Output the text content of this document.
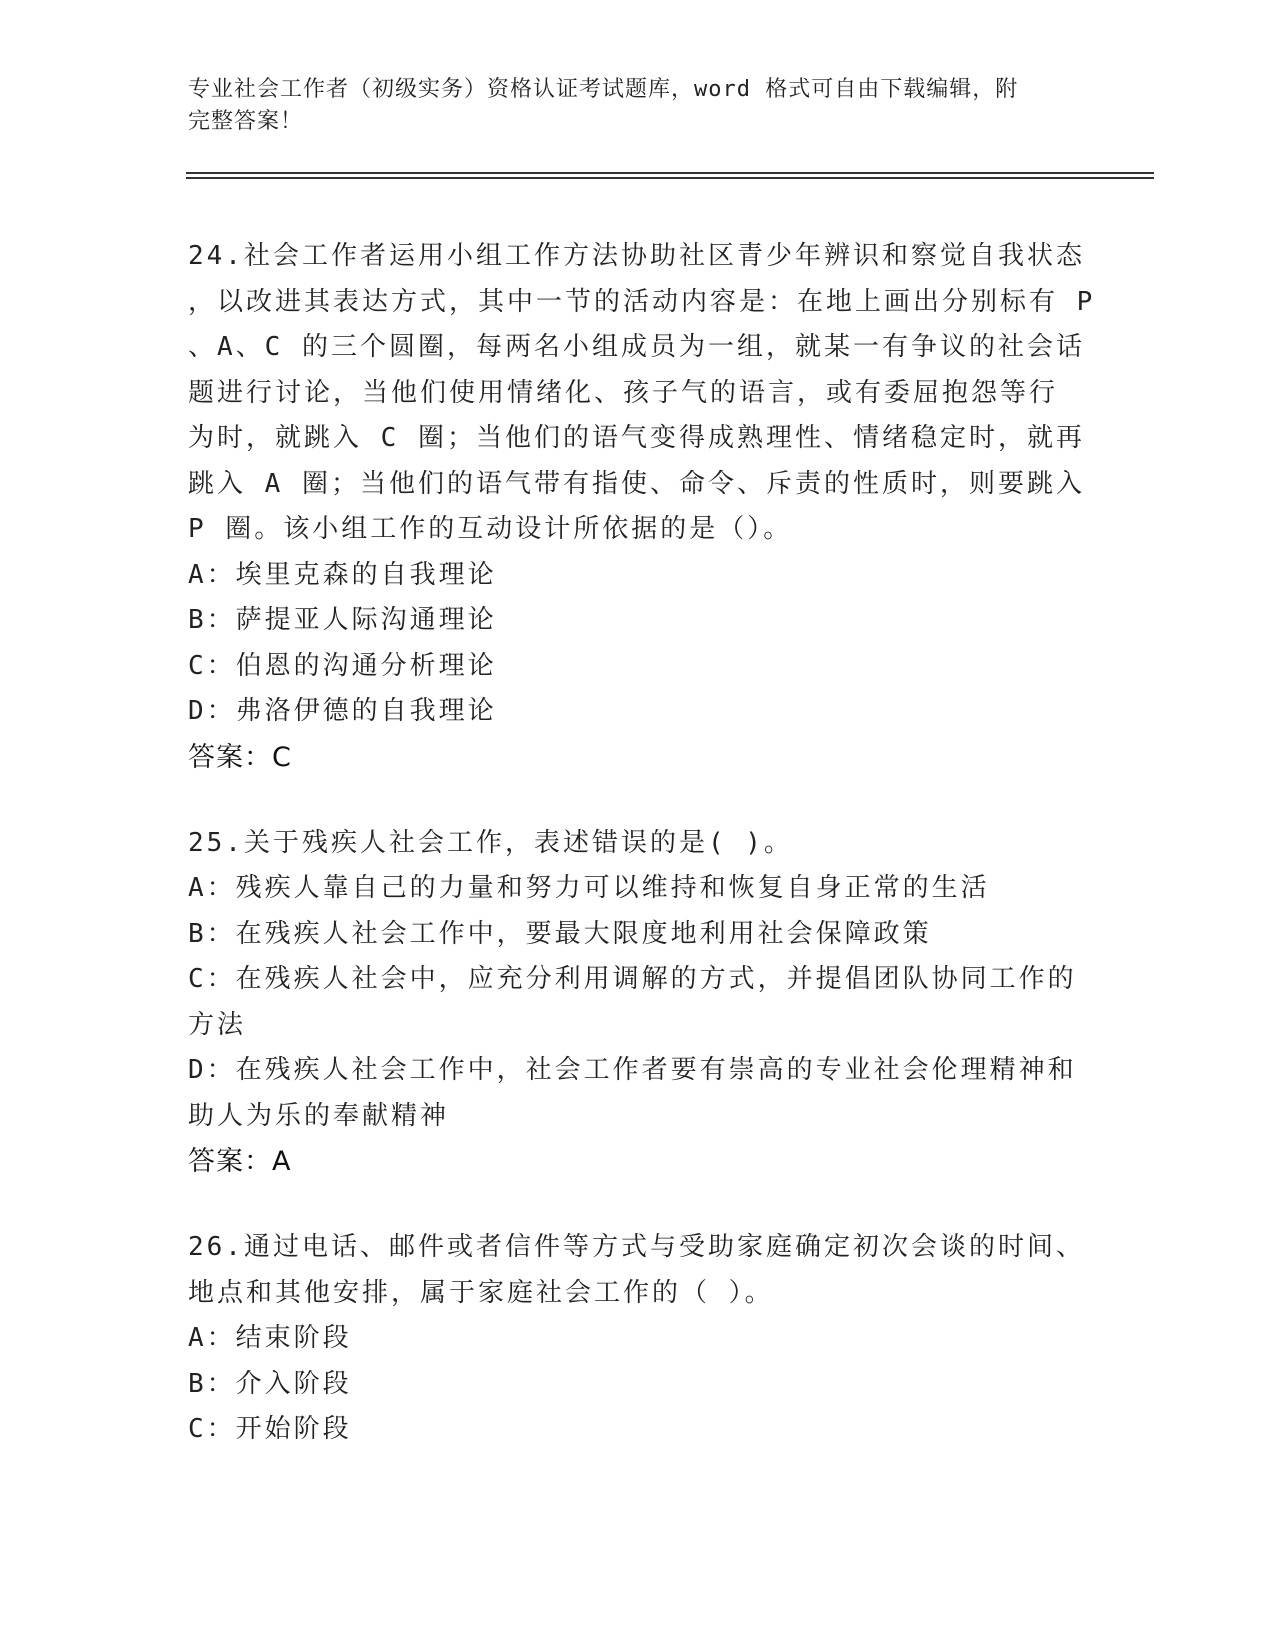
专业社会工作者（初级实务）资格认证考试题库，word 格式可自由下载编辑，附
完整答案！
24.社会工作者运用小组工作方法协助社区青少年辨识和察觉自我状态
，以改进其表达方式，其中一节的活动内容是：在地上画出分别标有 P
、A、C 的三个圆圈，每两名小组成员为一组，就某一有争议的社会话
题进行讨论，当他们使用情绪化、孩子气的语言，或有委屈抱怨等行
为时，就跳入 C 圈；当他们的语气变得成熟理性、情绪稳定时，就再
跳入 A 圈；当他们的语气带有指使、命令、斥责的性质时，则要跳入
P 圈。该小组工作的互动设计所依据的是（）。
A：埃里克森的自我理论
B：萨提亚人际沟通理论
C：伯恩的沟通分析理论
D：弗洛伊德的自我理论
答案：C
25.关于残疾人社会工作，表述错误的是( )。
A：残疾人靠自己的力量和努力可以维持和恢复自身正常的生活
B：在残疾人社会工作中，要最大限度地利用社会保障政策
C：在残疾人社会中，应充分利用调解的方式，并提倡团队协同工作的
方法
D：在残疾人社会工作中，社会工作者要有崇高的专业社会伦理精神和
助人为乐的奉献精神
答案：A
26.通过电话、邮件或者信件等方式与受助家庭确定初次会谈的时间、
地点和其他安排，属于家庭社会工作的（ ）。
A：结束阶段
B：介入阶段
C：开始阶段
